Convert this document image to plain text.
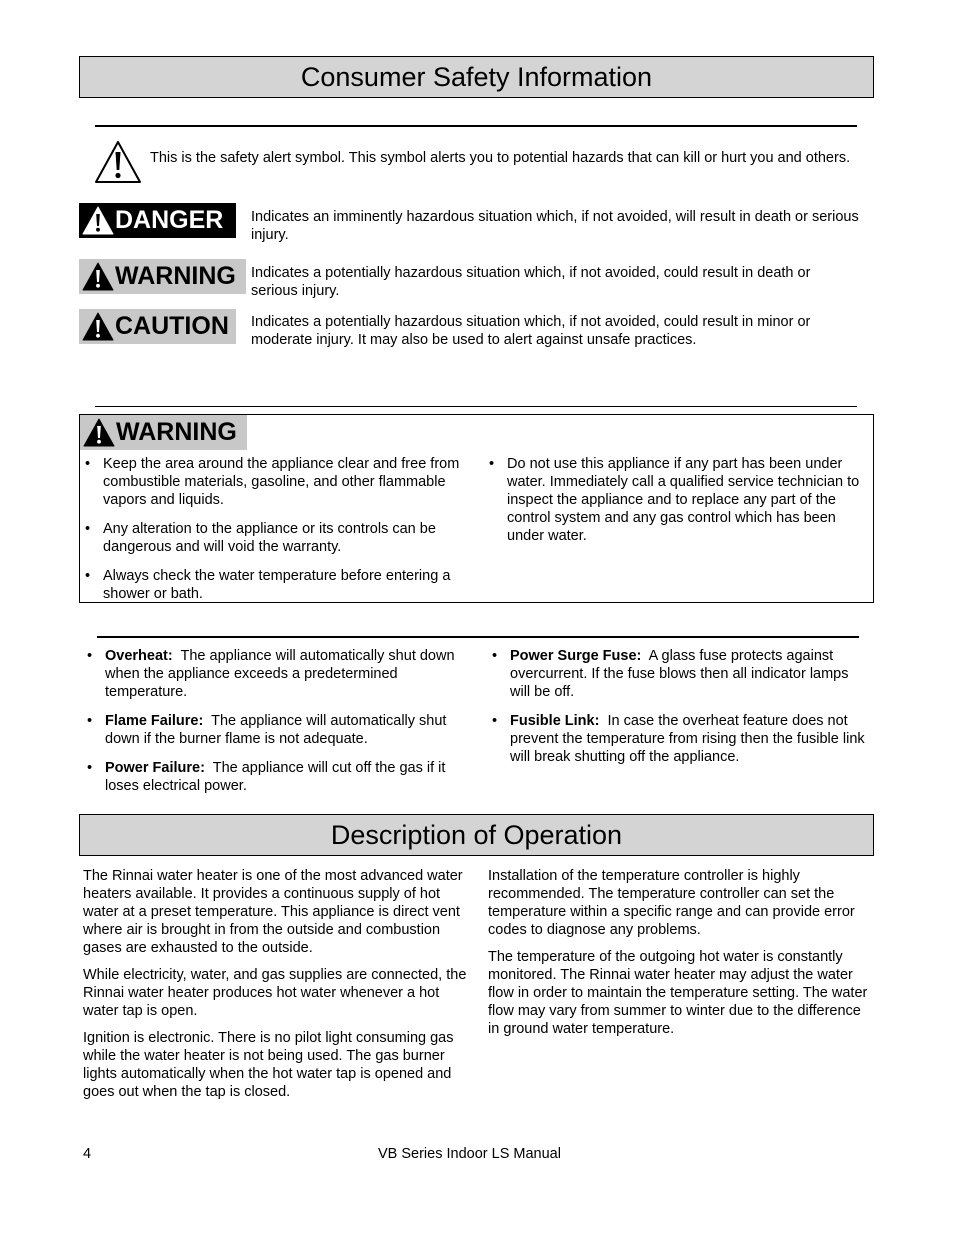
Consumer Safety Information
This is the safety alert symbol. This symbol alerts you to potential hazards that can kill or hurt you and others.
DANGER	Indicates an imminently hazardous situation which, if not avoided, will result in death or serious injury.
WARNING	Indicates a potentially hazardous situation which, if not avoided, could result in death or serious injury.
CAUTION	Indicates a potentially hazardous situation which, if not avoided, could result in minor or moderate injury. It may also be used to alert against unsafe practices.
WARNING
• Keep the area around the appliance clear and free from combustible materials, gasoline, and other flammable vapors and liquids.
• Any alteration to the appliance or its controls can be dangerous and will void the warranty.
• Always check the water temperature before entering a shower or bath.
• Do not use this appliance if any part has been under water. Immediately call a qualified service technician to inspect the appliance and to replace any part of the control system and any gas control which has been under water.
• Overheat: The appliance will automatically shut down when the appliance exceeds a predetermined temperature.
• Flame Failure: The appliance will automatically shut down if the burner flame is not adequate.
• Power Failure: The appliance will cut off the gas if it loses electrical power.
• Power Surge Fuse: A glass fuse protects against overcurrent. If the fuse blows then all indicator lamps will be off.
• Fusible Link: In case the overheat feature does not prevent the temperature from rising then the fusible link will break shutting off the appliance.
Description of Operation

The Rinnai water heater is one of the most advanced water heaters available. It provides a continuous supply of hot water at a preset temperature. This appliance is direct vent where air is brought in from the outside and combustion gases are exhausted to the outside.

While electricity, water, and gas supplies are connected, the Rinnai water heater produces hot water whenever a hot water tap is open.

Ignition is electronic. There is no pilot light consuming gas while the water heater is not being used. The gas burner lights automatically when the hot water tap is opened and goes out when the tap is closed.

Installation of the temperature controller is highly recommended. The temperature controller can set the temperature within a specific range and can provide error codes to diagnose any problems.

The temperature of the outgoing hot water is constantly monitored. The Rinnai water heater may adjust the water flow in order to maintain the temperature setting. The water flow may vary from summer to winter due to the difference in ground water temperature.

4	VB Series Indoor LS Manual
